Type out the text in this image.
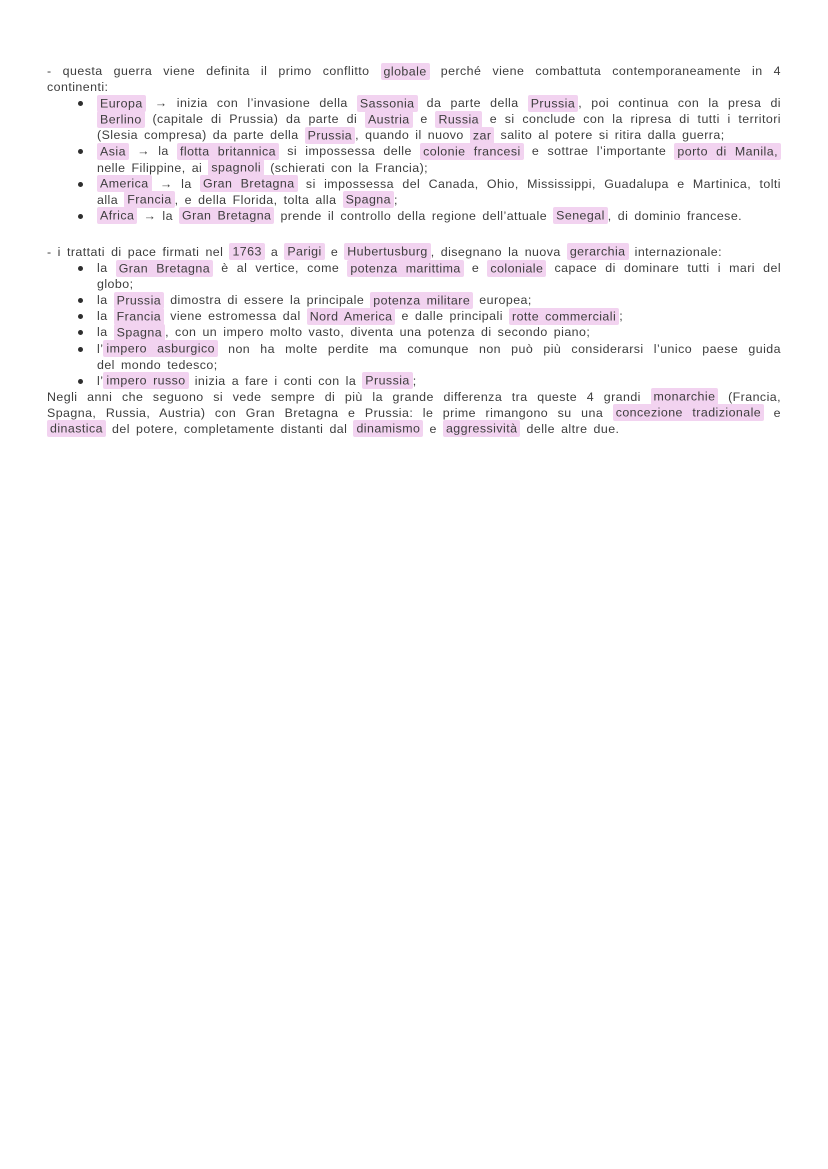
- questa guerra viene definita il primo conflitto globale perché viene combattuta contemporaneamente in 4
continenti:
Europa → inizia con l’invasione della Sassonia da parte della Prussia , poi continua con la presa di
Berlino (capitale di Prussia) da parte di Austria e Russia e si conclude con la ripresa di tutti i territori
(Slesia compresa) da parte della Prussia , quando il nuovo zar salito al potere si ritira dalla guerra;
Asia → la flotta britannica si impossessa delle colonie francesi e sottrae l’importante porto di Manila,
nelle Filippine, ai spagnoli (schierati con la Francia);
America → la Gran Bretagna si impossessa del Canada, Ohio, Mississippi, Guadalupa e Martinica, tolti
alla Francia , e della Florida, tolta alla Spagna ;
Africa → la Gran Bretagna prende il controllo della regione dell’attuale Senegal , di dominio francese.
- i trattati di pace firmati nel 1763 a Parigi e Hubertusburg , disegnano la nuova gerarchia internazionale:
la Gran Bretagna è al vertice, come potenza marittima e coloniale capace di dominare tutti i mari del
globo;
la Prussia dimostra di essere la principale potenza militare europea;
la Francia viene estromessa dal Nord America e dalle principali rotte commerciali ;
la Spagna , con un impero molto vasto, diventa una potenza di secondo piano;
l’ impero asburgico non ha molte perdite ma comunque non può più considerarsi l’unico paese guida
del mondo tedesco;
l’ impero russo inizia a fare i conti con la Prussia ;
Negli anni che seguono si vede sempre di più la grande differenza tra queste 4 grandi monarchie (Francia,
Spagna, Russia, Austria) con Gran Bretagna e Prussia: le prime rimangono su una concezione tradizionale e
dinastica del potere, completamente distanti dal dinamismo e aggressività delle altre due.
